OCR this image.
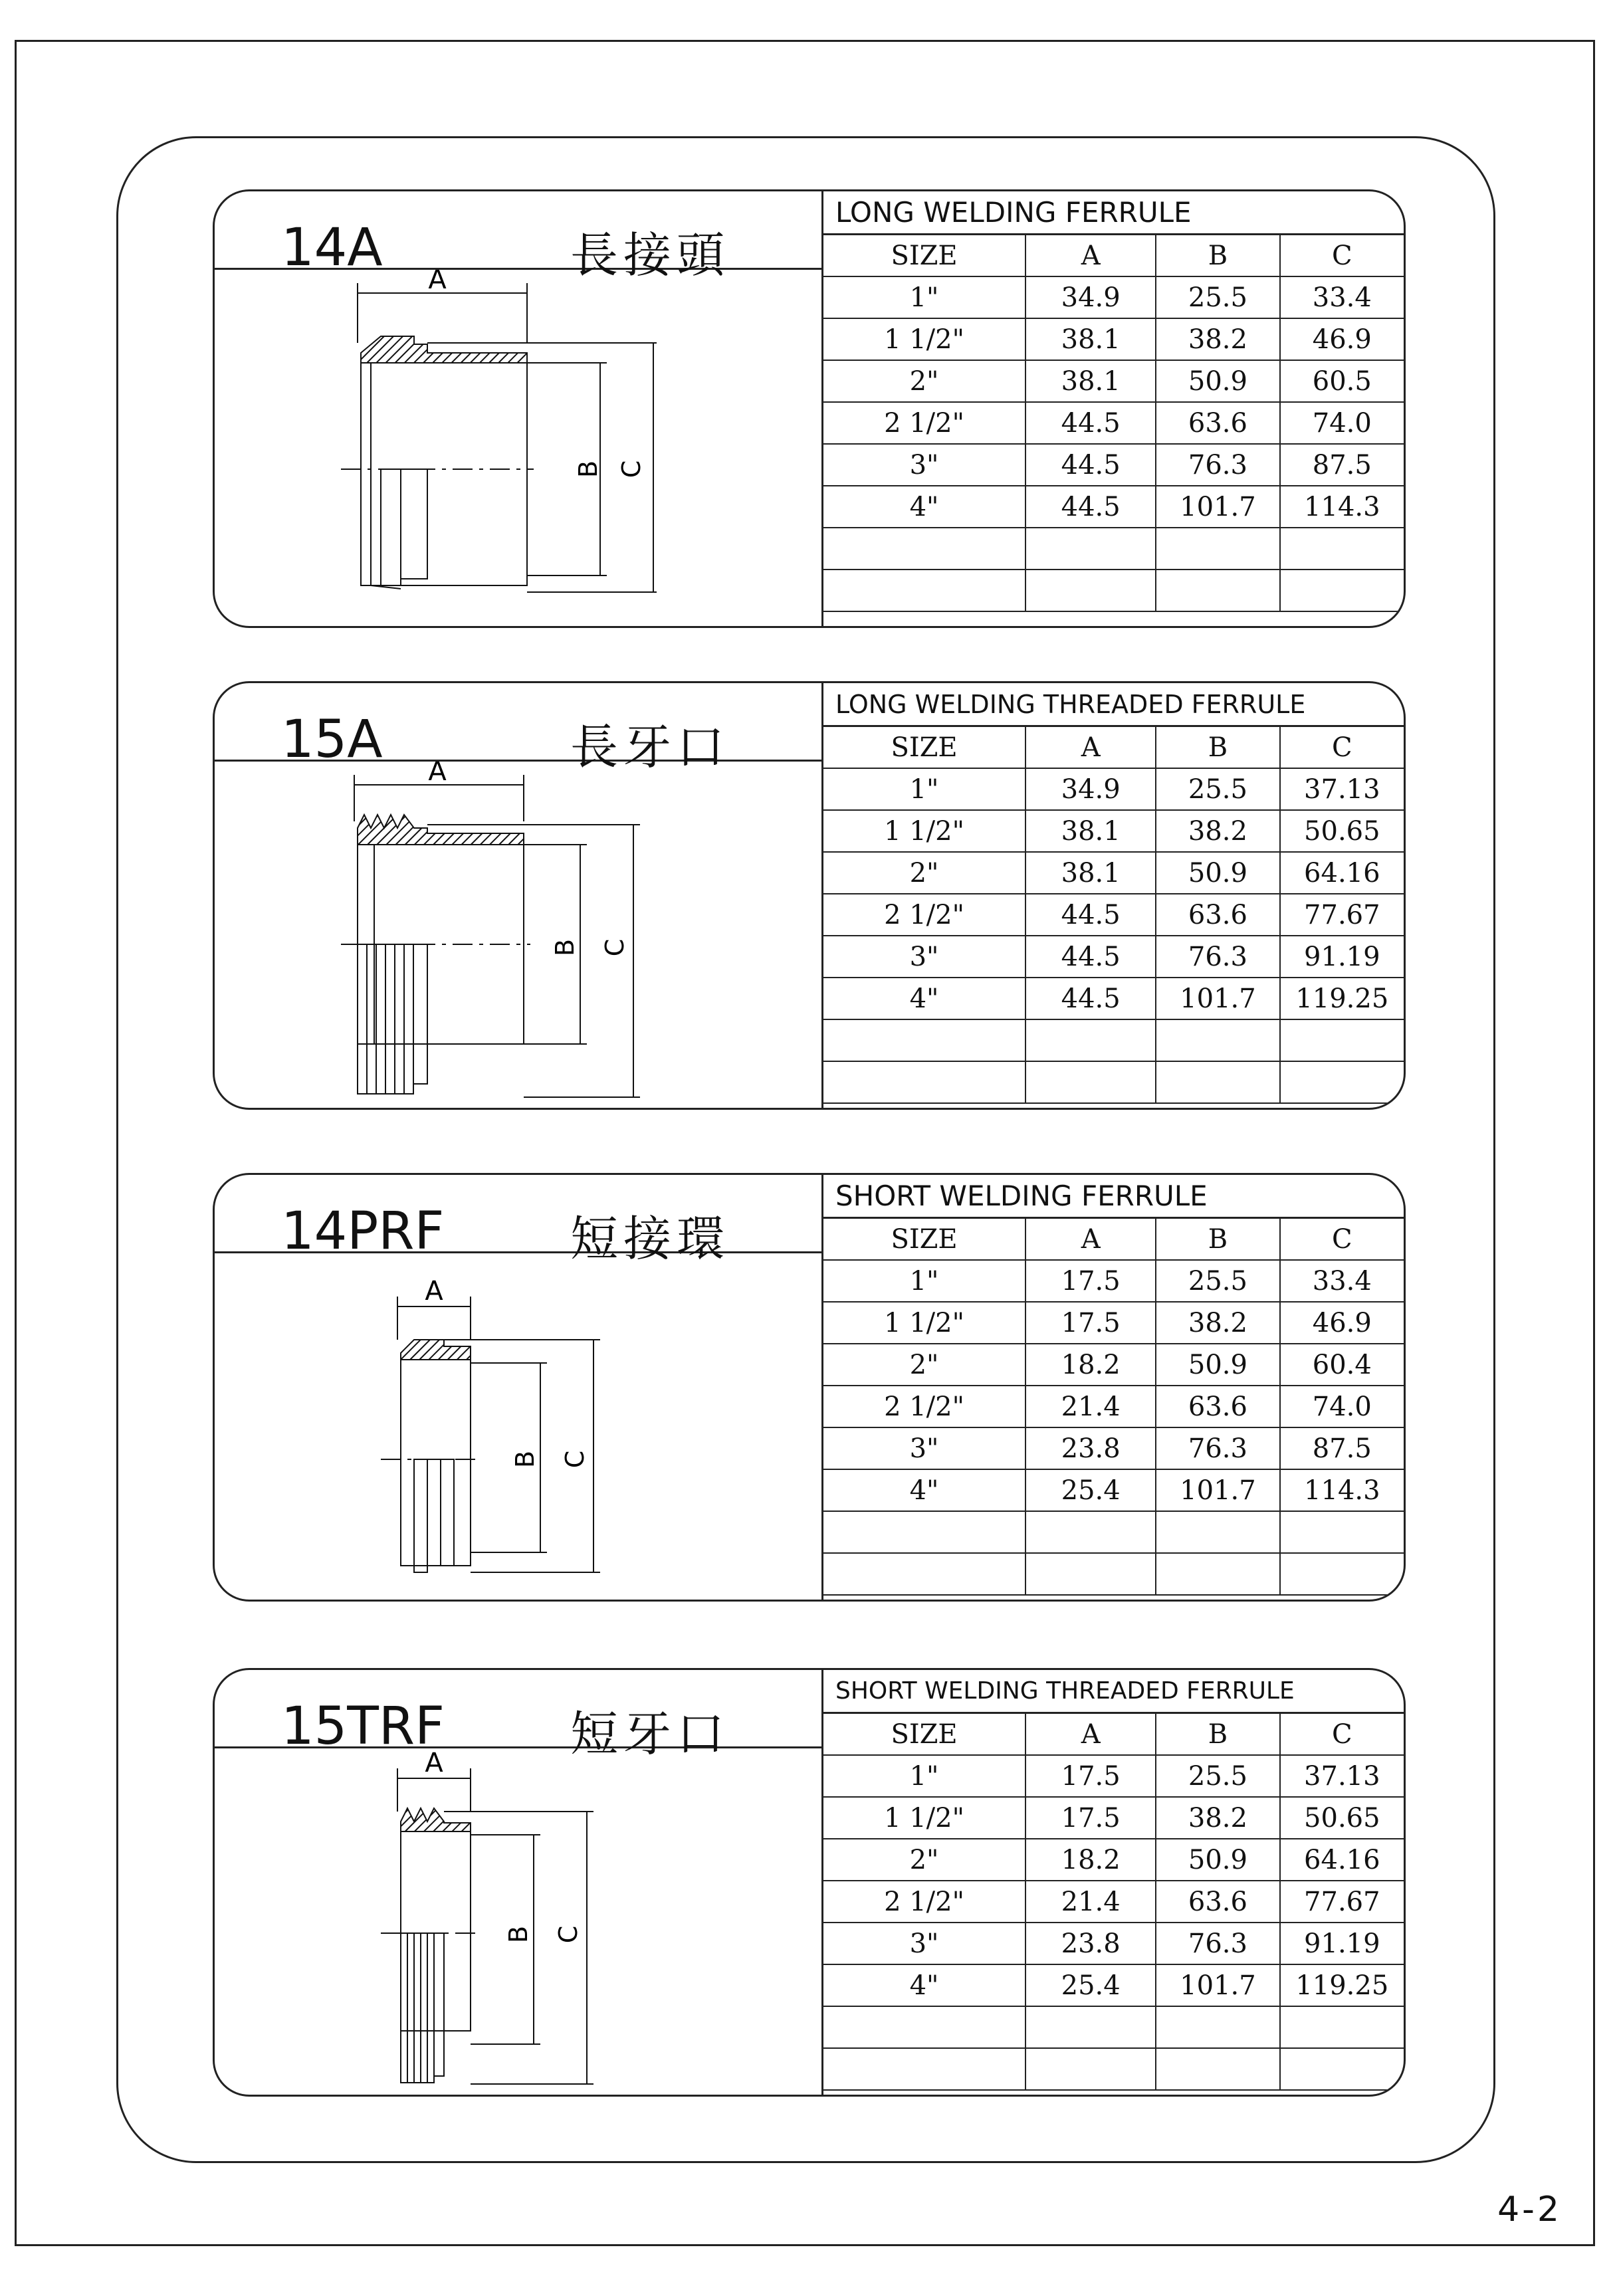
14A	長接頭
A
B C
LONG WELDING FERRULE
SIZE	A	B	C
1"	34.9	25.5	33.4
1 1/2"	38.1	38.2	46.9
2"	38.1	50.9	60.5
2 1/2"	44.5	63.6	74.0
3"	44.5	76.3	87.5
4"	44.5	101.7	114.3

15A	長牙口
A
B C
LONG WELDING THREADED FERRULE
SIZE	A	B	C
1"	34.9	25.5	37.13
1 1/2"	38.1	38.2	50.65
2"	38.1	50.9	64.16
2 1/2"	44.5	63.6	77.67
3"	44.5	76.3	91.19
4"	44.5	101.7	119.25

14PRF	短接環
A
B C
SHORT WELDING FERRULE
SIZE	A	B	C
1"	17.5	25.5	33.4
1 1/2"	17.5	38.2	46.9
2"	18.2	50.9	60.4
2 1/2"	21.4	63.6	74.0
3"	23.8	76.3	87.5
4"	25.4	101.7	114.3

15TRF	短牙口
A
B C
SHORT WELDING THREADED FERRULE
SIZE	A	B	C
1"	17.5	25.5	37.13
1 1/2"	17.5	38.2	50.65
2"	18.2	50.9	64.16
2 1/2"	21.4	63.6	77.67
3"	23.8	76.3	91.19
4"	25.4	101.7	119.25

4-2
